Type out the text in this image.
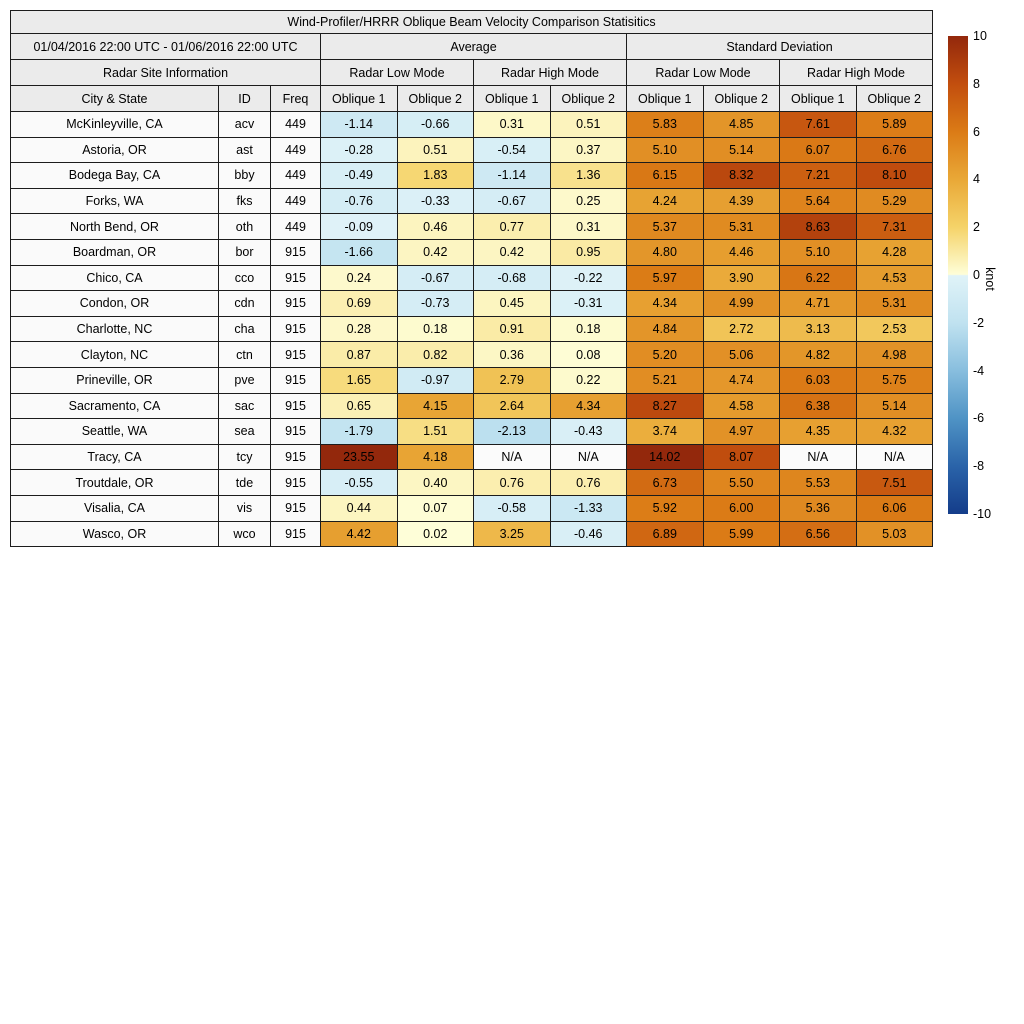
Wind-Profiler/HRRR Oblique Beam Velocity Comparison Statisitics										
01/04/2016 22:00 UTC - 01/06/2016 22:00 UTC			Average				Standard Deviation			
Radar Site Information			Radar Low Mode		Radar High Mode		Radar Low Mode		Radar High Mode	
City & State	ID	Freq	Oblique 1	Oblique 2	Oblique 1	Oblique 2	Oblique 1	Oblique 2	Oblique 1	Oblique 2
McKinleyville, CA	acv	449	-1.14	-0.66	0.31	0.51	5.83	4.85	7.61	5.89
Astoria, OR	ast	449	-0.28	0.51	-0.54	0.37	5.10	5.14	6.07	6.76
Bodega Bay, CA	bby	449	-0.49	1.83	-1.14	1.36	6.15	8.32	7.21	8.10
Forks, WA	fks	449	-0.76	-0.33	-0.67	0.25	4.24	4.39	5.64	5.29
North Bend, OR	oth	449	-0.09	0.46	0.77	0.31	5.37	5.31	8.63	7.31
Boardman, OR	bor	915	-1.66	0.42	0.42	0.95	4.80	4.46	5.10	4.28
Chico, CA	cco	915	0.24	-0.67	-0.68	-0.22	5.97	3.90	6.22	4.53
Condon, OR	cdn	915	0.69	-0.73	0.45	-0.31	4.34	4.99	4.71	5.31
Charlotte, NC	cha	915	0.28	0.18	0.91	0.18	4.84	2.72	3.13	2.53
Clayton, NC	ctn	915	0.87	0.82	0.36	0.08	5.20	5.06	4.82	4.98
Prineville, OR	pve	915	1.65	-0.97	2.79	0.22	5.21	4.74	6.03	5.75
Sacramento, CA	sac	915	0.65	4.15	2.64	4.34	8.27	4.58	6.38	5.14
Seattle, WA	sea	915	-1.79	1.51	-2.13	-0.43	3.74	4.97	4.35	4.32
Tracy, CA	tcy	915	23.55	4.18	N/A	N/A	14.02	8.07	N/A	N/A
Troutdale, OR	tde	915	-0.55	0.40	0.76	0.76	6.73	5.50	5.53	7.51
Visalia, CA	vis	915	0.44	0.07	-0.58	-1.33	5.92	6.00	5.36	6.06
Wasco, OR	wco	915	4.42	0.02	3.25	-0.46	6.89	5.99	6.56	5.03
10
8
6
4
2
0
-2
-4
-6
-8
-10
knot
